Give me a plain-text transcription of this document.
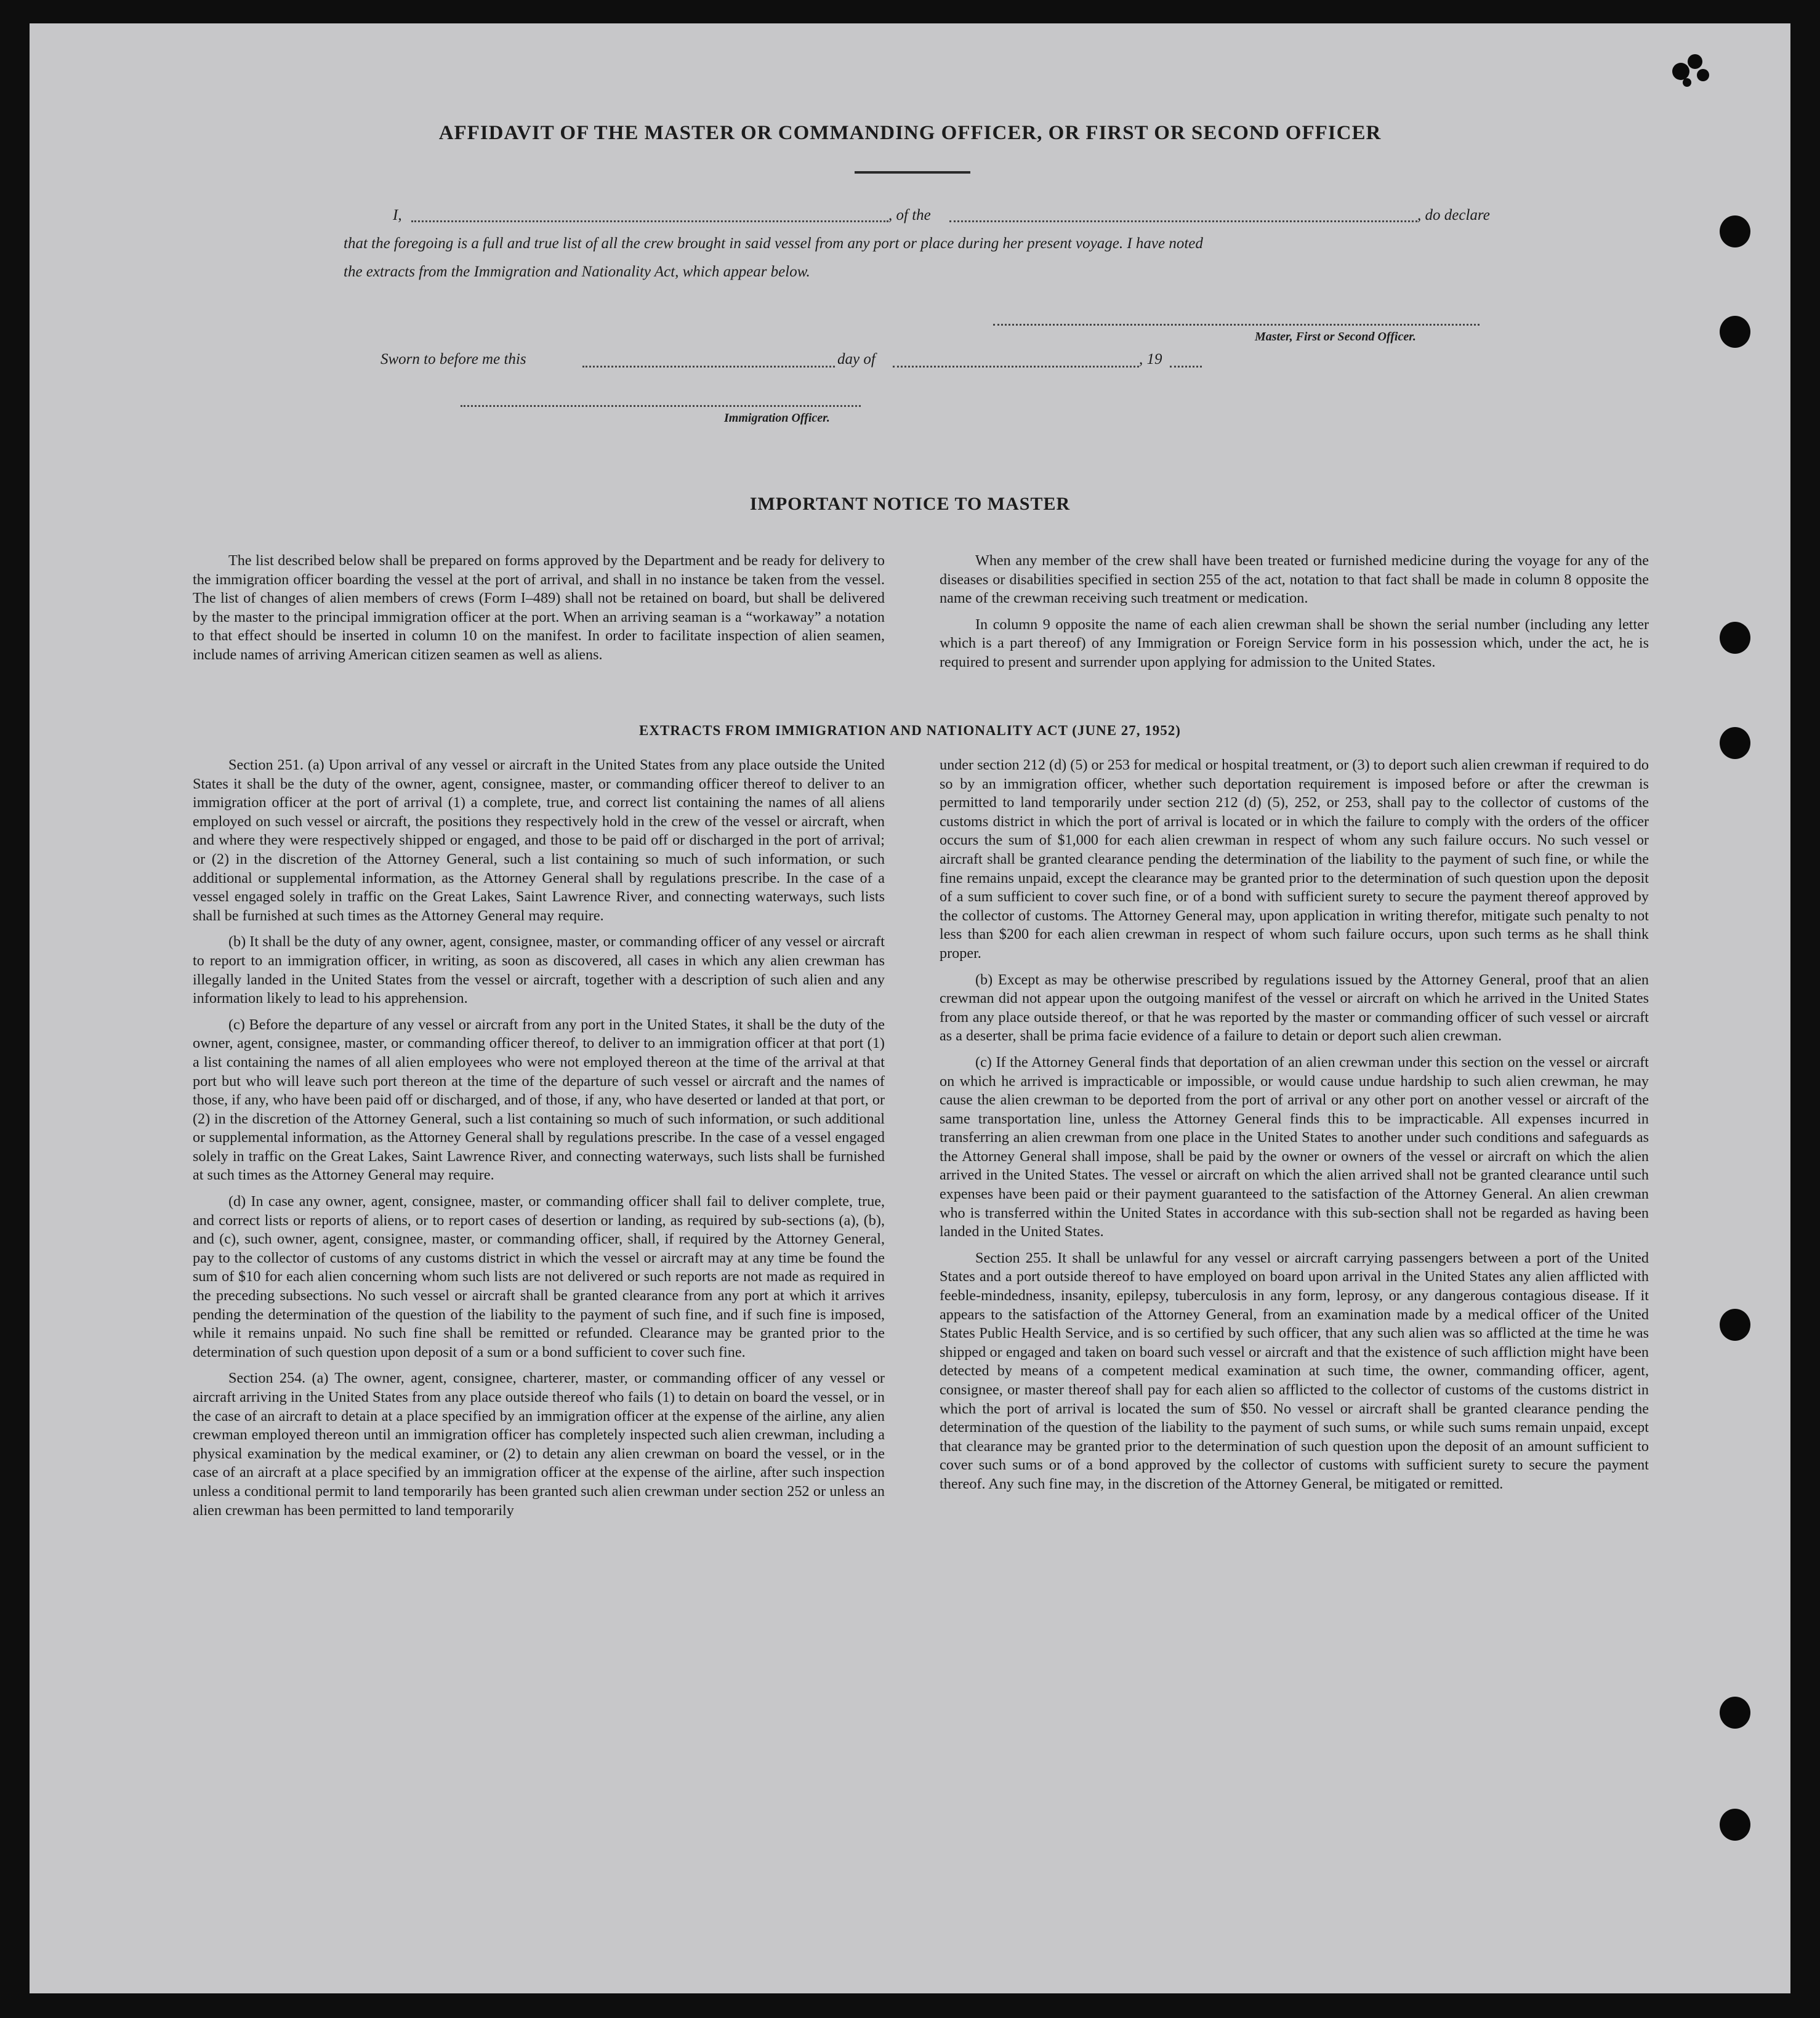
AFFIDAVIT OF THE MASTER OR COMMANDING OFFICER, OR FIRST OR SECOND OFFICER
I,	, of the	, do declare
that the foregoing is a full and true list of all the crew brought in said vessel from any port or place during her present voyage. I have noted
the extracts from the Immigration and Nationality Act, which appear below.
Master, First or Second Officer.
Sworn to before me this	day of	, 19
Immigration Officer.
IMPORTANT NOTICE TO MASTER

The list described below shall be prepared on forms approved by the Department and be ready for delivery to the immigration officer boarding the vessel at the port of arrival, and shall in no instance be taken from the vessel. The list of changes of alien members of crews (Form I–489) shall not be retained on board, but shall be delivered by the master to the principal immigration officer at the port. When an arriving seaman is a “workaway” a notation to that effect should be inserted in column 10 on the manifest. In order to facilitate inspection of alien seamen, include names of arriving American citizen seamen as well as aliens.

When any member of the crew shall have been treated or furnished medicine during the voyage for any of the diseases or disabilities specified in section 255 of the act, notation to that fact shall be made in column 8 opposite the name of the crewman receiving such treatment or medication.

In column 9 opposite the name of each alien crewman shall be shown the serial number (including any letter which is a part thereof) of any Immigration or Foreign Service form in his possession which, under the act, he is required to present and surrender upon applying for admission to the United States.

EXTRACTS FROM IMMIGRATION AND NATIONALITY ACT (JUNE 27, 1952)

Section 251. (a) Upon arrival of any vessel or aircraft in the United States from any place outside the United States it shall be the duty of the owner, agent, consignee, master, or commanding officer thereof to deliver to an immigration officer at the port of arrival (1) a complete, true, and correct list containing the names of all aliens employed on such vessel or aircraft, the positions they respectively hold in the crew of the vessel or aircraft, when and where they were respectively shipped or engaged, and those to be paid off or discharged in the port of arrival; or (2) in the discretion of the Attorney General, such a list containing so much of such information, or such additional or supplemental information, as the Attorney General shall by regulations prescribe. In the case of a vessel engaged solely in traffic on the Great Lakes, Saint Lawrence River, and connecting waterways, such lists shall be furnished at such times as the Attorney General may require.

(b) It shall be the duty of any owner, agent, consignee, master, or commanding officer of any vessel or aircraft to report to an immigration officer, in writing, as soon as discovered, all cases in which any alien crewman has illegally landed in the United States from the vessel or aircraft, together with a description of such alien and any information likely to lead to his apprehension.

(c) Before the departure of any vessel or aircraft from any port in the United States, it shall be the duty of the owner, agent, consignee, master, or commanding officer thereof, to deliver to an immigration officer at that port (1) a list containing the names of all alien employees who were not employed thereon at the time of the arrival at that port but who will leave such port thereon at the time of the departure of such vessel or aircraft and the names of those, if any, who have been paid off or discharged, and of those, if any, who have deserted or landed at that port, or (2) in the discretion of the Attorney General, such a list containing so much of such information, or such additional or supplemental information, as the Attorney General shall by regulations prescribe. In the case of a vessel engaged solely in traffic on the Great Lakes, Saint Lawrence River, and connecting waterways, such lists shall be furnished at such times as the Attorney General may require.

(d) In case any owner, agent, consignee, master, or commanding officer shall fail to deliver complete, true, and correct lists or reports of aliens, or to report cases of desertion or landing, as required by sub-sections (a), (b), and (c), such owner, agent, consignee, master, or commanding officer, shall, if required by the Attorney General, pay to the collector of customs of any customs district in which the vessel or aircraft may at any time be found the sum of $10 for each alien concerning whom such lists are not delivered or such reports are not made as required in the preceding subsections. No such vessel or aircraft shall be granted clearance from any port at which it arrives pending the determination of the question of the liability to the payment of such fine, and if such fine is imposed, while it remains unpaid. No such fine shall be remitted or refunded. Clearance may be granted prior to the determination of such question upon deposit of a sum or a bond sufficient to cover such fine.

Section 254. (a) The owner, agent, consignee, charterer, master, or commanding officer of any vessel or aircraft arriving in the United States from any place outside thereof who fails (1) to detain on board the vessel, or in the case of an aircraft to detain at a place specified by an immigration officer at the expense of the airline, any alien crewman employed thereon until an immigration officer has completely inspected such alien crewman, including a physical examination by the medical examiner, or (2) to detain any alien crewman on board the vessel, or in the case of an aircraft at a place specified by an immigration officer at the expense of the airline, after such inspection unless a conditional permit to land temporarily has been granted such alien crewman under section 252 or unless an alien crewman has been permitted to land temporarily

under section 212 (d) (5) or 253 for medical or hospital treatment, or (3) to deport such alien crewman if required to do so by an immigration officer, whether such deportation requirement is imposed before or after the crewman is permitted to land temporarily under section 212 (d) (5), 252, or 253, shall pay to the collector of customs of the customs district in which the port of arrival is located or in which the failure to comply with the orders of the officer occurs the sum of $1,000 for each alien crewman in respect of whom any such failure occurs. No such vessel or aircraft shall be granted clearance pending the determination of the liability to the payment of such fine, or while the fine remains unpaid, except the clearance may be granted prior to the determination of such question upon the deposit of a sum sufficient to cover such fine, or of a bond with sufficient surety to secure the payment thereof approved by the collector of customs. The Attorney General may, upon application in writing therefor, mitigate such penalty to not less than $200 for each alien crewman in respect of whom such failure occurs, upon such terms as he shall think proper.

(b) Except as may be otherwise prescribed by regulations issued by the Attorney General, proof that an alien crewman did not appear upon the outgoing manifest of the vessel or aircraft on which he arrived in the United States from any place outside thereof, or that he was reported by the master or commanding officer of such vessel or aircraft as a deserter, shall be prima facie evidence of a failure to detain or deport such alien crewman.

(c) If the Attorney General finds that deportation of an alien crewman under this section on the vessel or aircraft on which he arrived is impracticable or impossible, or would cause undue hardship to such alien crewman, he may cause the alien crewman to be deported from the port of arrival or any other port on another vessel or aircraft of the same transportation line, unless the Attorney General finds this to be impracticable. All expenses incurred in transferring an alien crewman from one place in the United States to another under such conditions and safeguards as the Attorney General shall impose, shall be paid by the owner or owners of the vessel or aircraft on which the alien arrived in the United States. The vessel or aircraft on which the alien arrived shall not be granted clearance until such expenses have been paid or their payment guaranteed to the satisfaction of the Attorney General. An alien crewman who is transferred within the United States in accordance with this sub-section shall not be regarded as having been landed in the United States.

Section 255. It shall be unlawful for any vessel or aircraft carrying passengers between a port of the United States and a port outside thereof to have employed on board upon arrival in the United States any alien afflicted with feeble-mindedness, insanity, epilepsy, tuberculosis in any form, leprosy, or any dangerous contagious disease. If it appears to the satisfaction of the Attorney General, from an examination made by a medical officer of the United States Public Health Service, and is so certified by such officer, that any such alien was so afflicted at the time he was shipped or engaged and taken on board such vessel or aircraft and that the existence of such affliction might have been detected by means of a competent medical examination at such time, the owner, commanding officer, agent, consignee, or master thereof shall pay for each alien so afflicted to the collector of customs of the customs district in which the port of arrival is located the sum of $50. No vessel or aircraft shall be granted clearance pending the determination of the question of the liability to the payment of such sums, or while such sums remain unpaid, except that clearance may be granted prior to the determination of such question upon the deposit of an amount sufficient to cover such sums or of a bond approved by the collector of customs with sufficient surety to secure the payment thereof. Any such fine may, in the discretion of the Attorney General, be mitigated or remitted.
